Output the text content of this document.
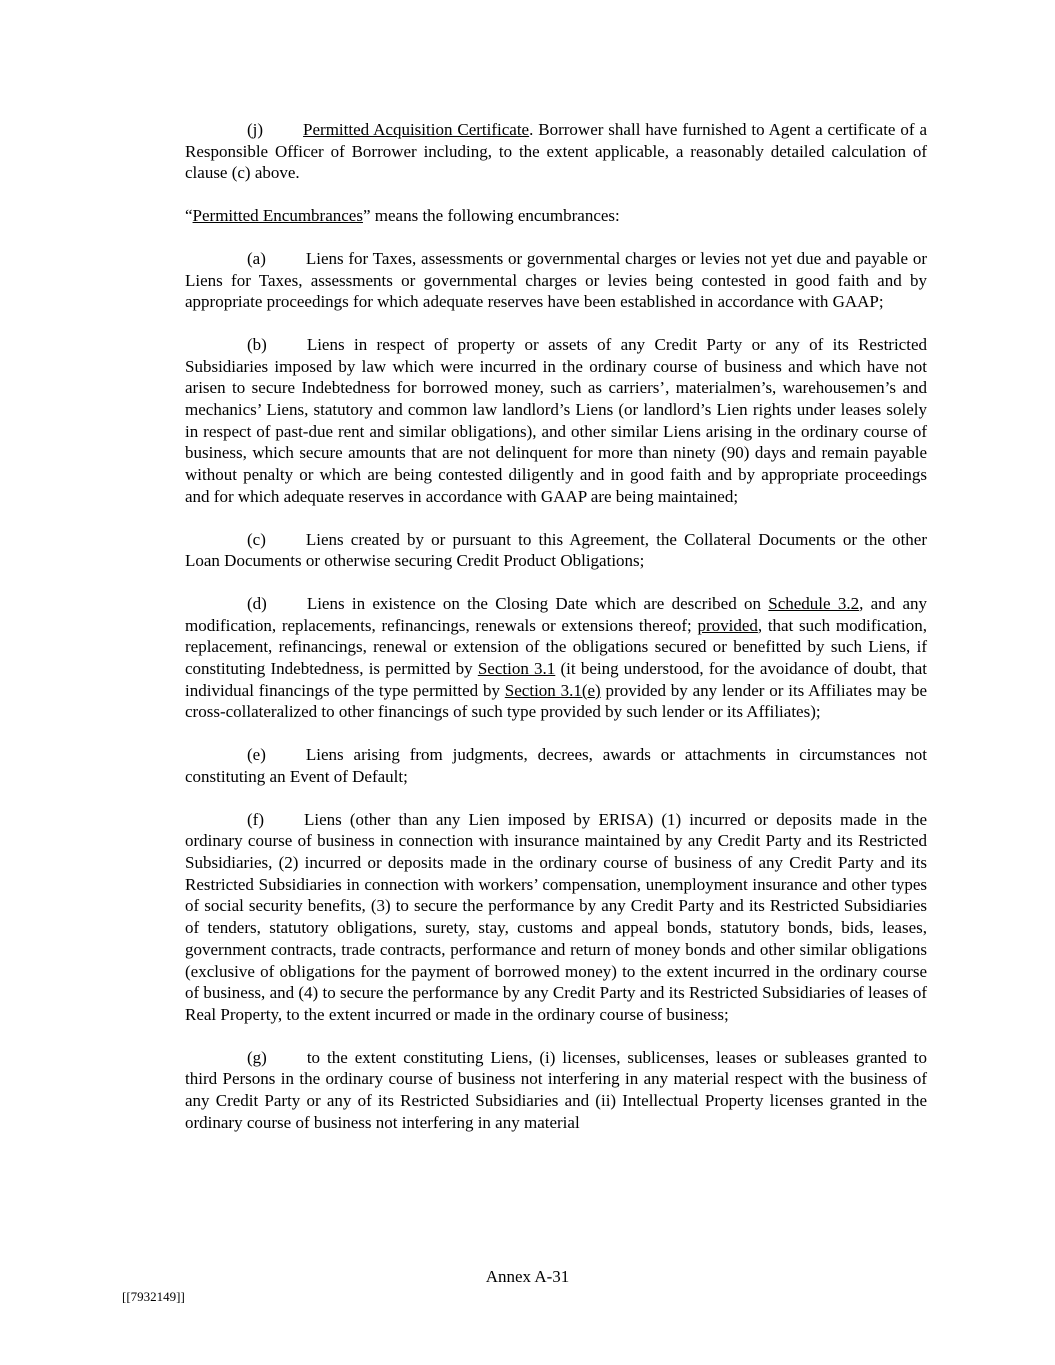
(j) Permitted Acquisition Certificate. Borrower shall have furnished to Agent a certificate of a Responsible Officer of Borrower including, to the extent applicable, a reasonably detailed calculation of clause (c) above.

“Permitted Encumbrances” means the following encumbrances:

(a) Liens for Taxes, assessments or governmental charges or levies not yet due and payable or Liens for Taxes, assessments or governmental charges or levies being contested in good faith and by appropriate proceedings for which adequate reserves have been established in accordance with GAAP;

(b) Liens in respect of property or assets of any Credit Party or any of its Restricted Subsidiaries imposed by law which were incurred in the ordinary course of business and which have not arisen to secure Indebtedness for borrowed money, such as carriers’, materialmen’s, warehousemen’s and mechanics’ Liens, statutory and common law landlord’s Liens (or landlord’s Lien rights under leases solely in respect of past-due rent and similar obligations), and other similar Liens arising in the ordinary course of business, which secure amounts that are not delinquent for more than ninety (90) days and remain payable without penalty or which are being contested diligently and in good faith and by appropriate proceedings and for which adequate reserves in accordance with GAAP are being maintained;

(c) Liens created by or pursuant to this Agreement, the Collateral Documents or the other Loan Documents or otherwise securing Credit Product Obligations;

(d) Liens in existence on the Closing Date which are described on Schedule 3.2, and any modification, replacements, refinancings, renewals or extensions thereof; provided, that such modification, replacement, refinancings, renewal or extension of the obligations secured or benefitted by such Liens, if constituting Indebtedness, is permitted by Section 3.1 (it being understood, for the avoidance of doubt, that individual financings of the type permitted by Section 3.1(e) provided by any lender or its Affiliates may be cross-collateralized to other financings of such type provided by such lender or its Affiliates);

(e) Liens arising from judgments, decrees, awards or attachments in circumstances not constituting an Event of Default;

(f) Liens (other than any Lien imposed by ERISA) (1) incurred or deposits made in the ordinary course of business in connection with insurance maintained by any Credit Party and its Restricted Subsidiaries, (2) incurred or deposits made in the ordinary course of business of any Credit Party and its Restricted Subsidiaries in connection with workers’ compensation, unemployment insurance and other types of social security benefits, (3) to secure the performance by any Credit Party and its Restricted Subsidiaries of tenders, statutory obligations, surety, stay, customs and appeal bonds, statutory bonds, bids, leases, government contracts, trade contracts, performance and return of money bonds and other similar obligations (exclusive of obligations for the payment of borrowed money) to the extent incurred in the ordinary course of business, and (4) to secure the performance by any Credit Party and its Restricted Subsidiaries of leases of Real Property, to the extent incurred or made in the ordinary course of business;

(g) to the extent constituting Liens, (i) licenses, sublicenses, leases or subleases granted to third Persons in the ordinary course of business not interfering in any material respect with the business of any Credit Party or any of its Restricted Subsidiaries and (ii) Intellectual Property licenses granted in the ordinary course of business not interfering in any material

Annex A-31
[[7932149]]
